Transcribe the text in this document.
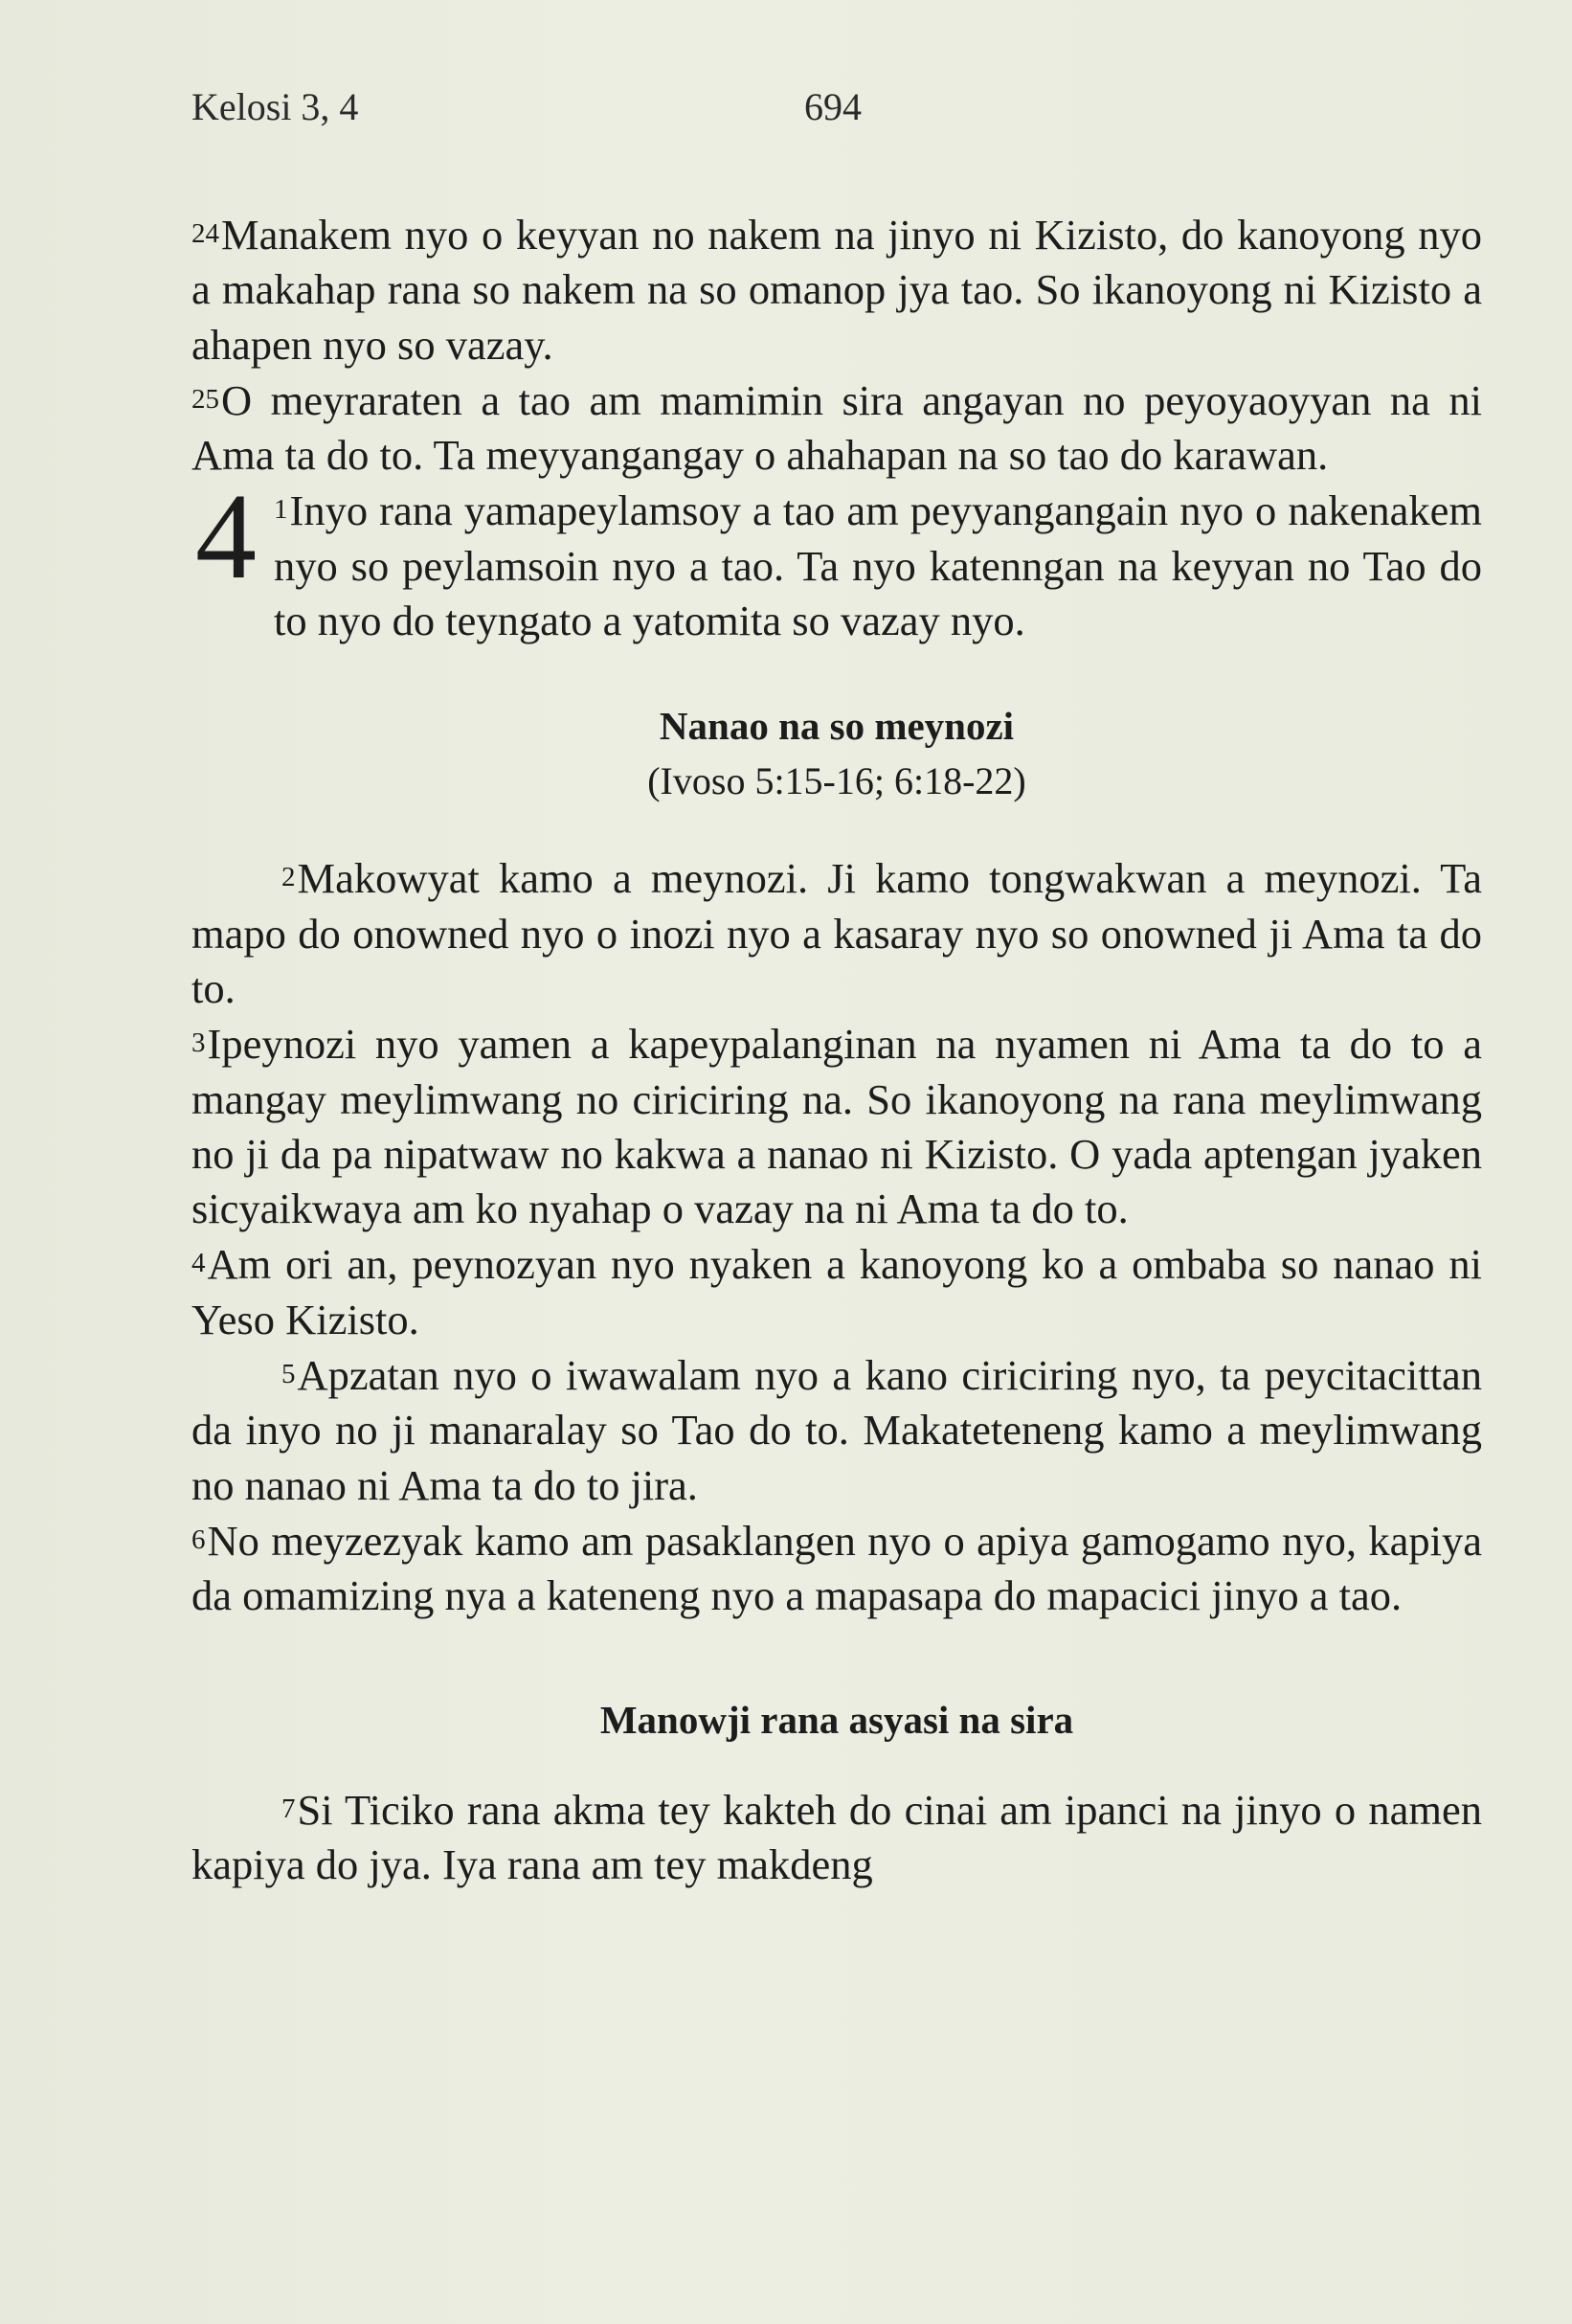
Kelosi 3, 4	694

24Manakem nyo o keyyan no nakem na jinyo ni Kizisto, do kanoyong nyo a makahap rana so nakem na so omanop jya tao. So ikanoyong ni Kizisto a ahapen nyo so vazay.

25O meyraraten a tao am mamimin sira angayan no peyoyaoyyan na ni Ama ta do to. Ta meyyangangay o ahahapan na so tao do karawan.

4 1Inyo rana yamapeylamsoy a tao am peyyangangain nyo o nakenakem nyo so peylamsoin nyo a tao. Ta nyo katenngan na keyyan no Tao do to nyo do teyngato a yatomita so vazay nyo.

Nanao na so meynozi

(Ivoso 5:15-16; 6:18-22)

2Makowyat kamo a meynozi. Ji kamo tongwakwan a meynozi. Ta mapo do onowned nyo o inozi nyo a kasaray nyo so onowned ji Ama ta do to.

3Ipeynozi nyo yamen a kapeypalanginan na nyamen ni Ama ta do to a mangay meylimwang no ciriciring na. So ikanoyong na rana meylimwang no ji da pa nipatwaw no kakwa a nanao ni Kizisto. O yada aptengan jyaken sicyaikwaya am ko nyahap o vazay na ni Ama ta do to.

4Am ori an, peynozyan nyo nyaken a kanoyong ko a ombaba so nanao ni Yeso Kizisto.

5Apzatan nyo o iwawalam nyo a kano ciriciring nyo, ta peycitacittan da inyo no ji manaralay so Tao do to. Makateteneng kamo a meylimwang no nanao ni Ama ta do to jira.

6No meyzezyak kamo am pasaklangen nyo o apiya gamogamo nyo, kapiya da omamizing nya a kateneng nyo a mapasapa do mapacici jinyo a tao.

Manowji rana asyasi na sira

7Si Ticiko rana akma tey kakteh do cinai am ipanci na jinyo o namen kapiya do jya. Iya rana am tey makdeng
